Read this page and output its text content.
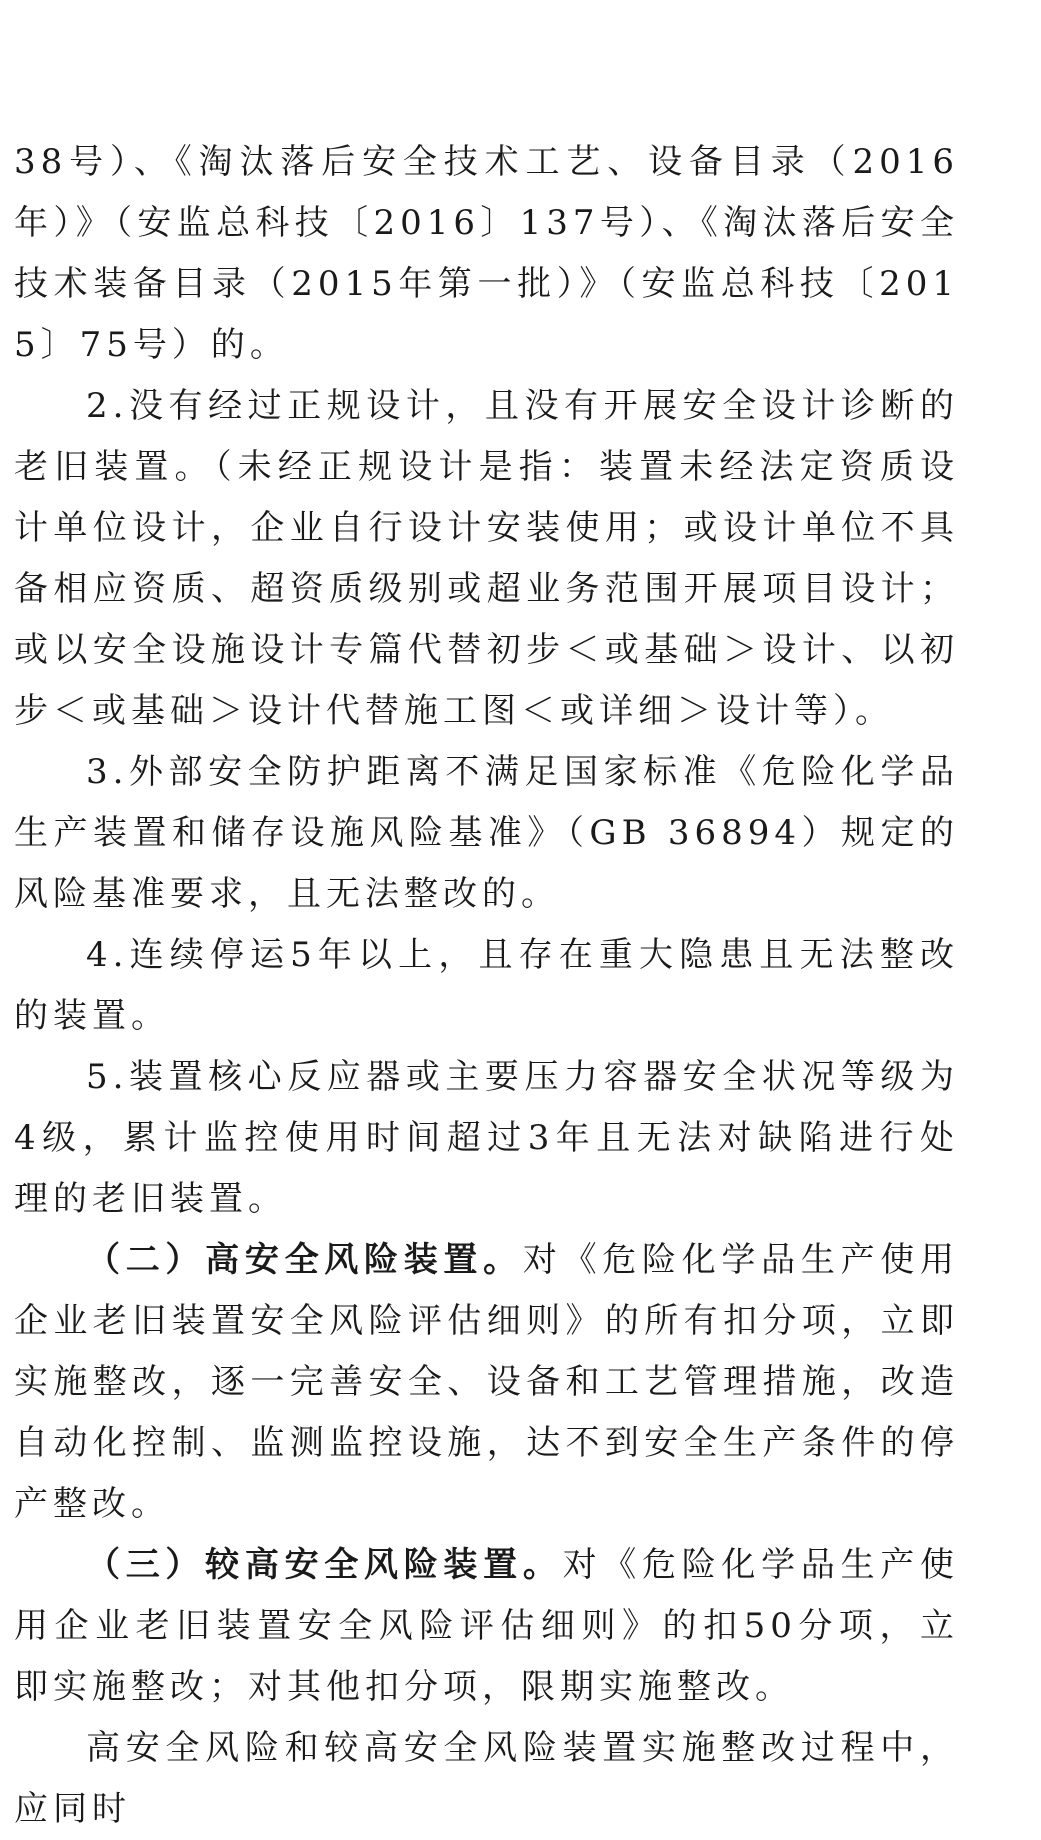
38号）、《淘汰落后安全技术工艺、设备目录（2016年）》（安监总科技〔2016〕137号）、《淘汰落后安全技术装备目录（2015年第一批）》（安监总科技〔2015〕75号）的。

2.没有经过正规设计，且没有开展安全设计诊断的老旧装置。（未经正规设计是指：装置未经法定资质设计单位设计，企业自行设计安装使用；或设计单位不具备相应资质、超资质级别或超业务范围开展项目设计；或以安全设施设计专篇代替初步＜或基础＞设计、以初步＜或基础＞设计代替施工图＜或详细＞设计等）。

3.外部安全防护距离不满足国家标准《危险化学品生产装置和储存设施风险基准》（GB 36894）规定的风险基准要求，且无法整改的。

4.连续停运5年以上，且存在重大隐患且无法整改的装置。

5.装置核心反应器或主要压力容器安全状况等级为4级，累计监控使用时间超过3年且无法对缺陷进行处理的老旧装置。

（二）高安全风险装置。对《危险化学品生产使用企业老旧装置安全风险评估细则》的所有扣分项，立即实施整改，逐一完善安全、设备和工艺管理措施，改造自动化控制、监测监控设施，达不到安全生产条件的停产整改。

（三）较高安全风险装置。对《危险化学品生产使用企业老旧装置安全风险评估细则》的扣50分项，立即实施整改；对其他扣分项，限期实施整改。

高安全风险和较高安全风险装置实施整改过程中，应同时
